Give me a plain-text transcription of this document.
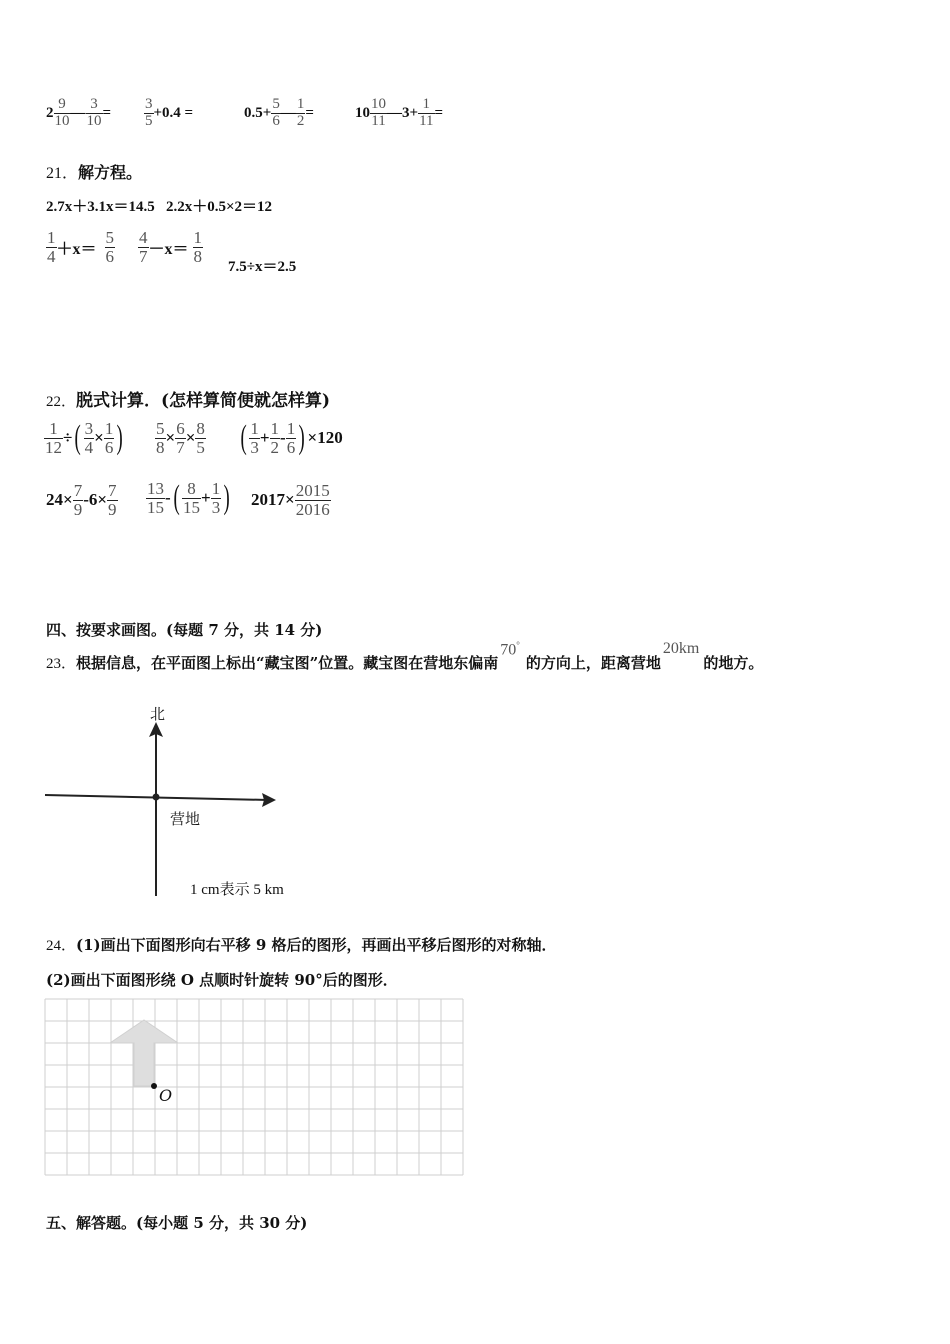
$2 \frac{9}{10}$ — $\frac{3}{10} = \frac{3}{5} +0.4$ =	$0.5+ \frac{5}{6}$ — $\frac{1}{2}$ =	$10 \frac{10}{11}$ —3+ $\frac{1}{11}$ =
21．解方程。
2.7x＋3.1x＝14.5   2.2x＋0.5×2＝12
$\frac{1}{4} +x= \frac{5}{6} \frac{4}{7} -x= \frac{1}{8}$
7.5÷x＝2.5
22．脱式计算．(怎样算简便就怎样算)
$\frac{1}{12}$ ÷ ( $\frac{3}{4} \times \frac{1}{6}$ ) $\frac{5}{8} \times \frac{6}{7} \times \frac{8}{5}$ ( $\frac{1}{3} + \frac{1}{2} - \frac{1}{6}$ ) ×120
$24\times \frac{7}{9} -6\times \frac{7}{9} \frac{13}{15}$ - ( $\frac{8}{15} + \frac{1}{3}$ ) $2017\times \frac{2015}{2016}$
四、按要求画图。(每题 7 分，共 14 分)
23． 根据信息，在平面图上标出“藏宝图”位置。藏宝图在营地东偏南
70°
的方向上，距离营地
20km
的地方。
北
营地
1 cm表示 5 km
24．(1)画出下面图形向右平移 9 格后的图形，再画出平移后图形的对称轴．
(2)画出下面图形绕 O 点顺时针旋转 90°后的图形．
O
五、解答题。(每小题 5 分，共 30 分)
